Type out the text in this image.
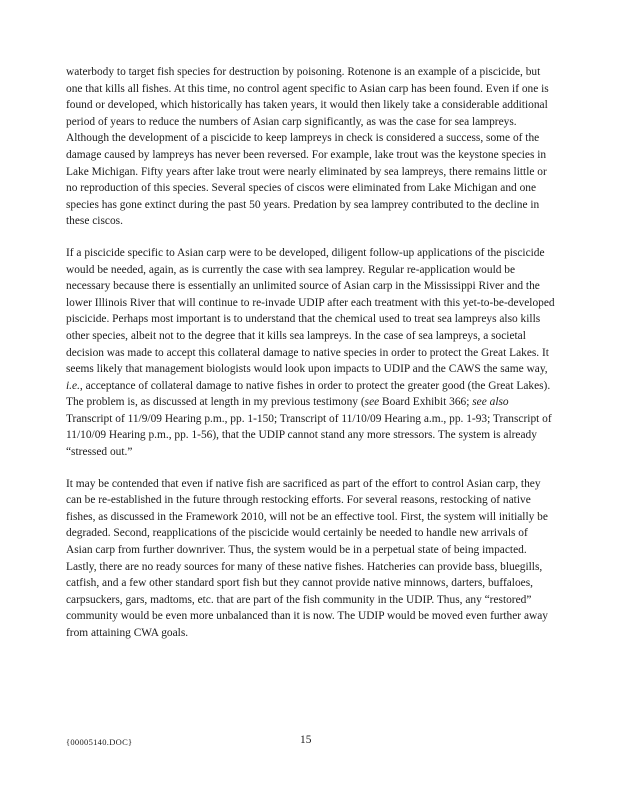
waterbody to target fish species for destruction by poisoning. Rotenone is an example of a piscicide, but one that kills all fishes. At this time, no control agent specific to Asian carp has been found. Even if one is found or developed, which historically has taken years, it would then likely take a considerable additional period of years to reduce the numbers of Asian carp significantly, as was the case for sea lampreys. Although the development of a piscicide to keep lampreys in check is considered a success, some of the damage caused by lampreys has never been reversed. For example, lake trout was the keystone species in Lake Michigan. Fifty years after lake trout were nearly eliminated by sea lampreys, there remains little or no reproduction of this species. Several species of ciscos were eliminated from Lake Michigan and one species has gone extinct during the past 50 years. Predation by sea lamprey contributed to the decline in these ciscos.

If a piscicide specific to Asian carp were to be developed, diligent follow-up applications of the piscicide would be needed, again, as is currently the case with sea lamprey. Regular re-application would be necessary because there is essentially an unlimited source of Asian carp in the Mississippi River and the lower Illinois River that will continue to re-invade UDIP after each treatment with this yet-to-be-developed piscicide. Perhaps most important is to understand that the chemical used to treat sea lampreys also kills other species, albeit not to the degree that it kills sea lampreys. In the case of sea lampreys, a societal decision was made to accept this collateral damage to native species in order to protect the Great Lakes. It seems likely that management biologists would look upon impacts to UDIP and the CAWS the same way, i.e., acceptance of collateral damage to native fishes in order to protect the greater good (the Great Lakes). The problem is, as discussed at length in my previous testimony (see Board Exhibit 366; see also Transcript of 11/9/09 Hearing p.m., pp. 1-150; Transcript of 11/10/09 Hearing a.m., pp. 1-93; Transcript of 11/10/09 Hearing p.m., pp. 1-56), that the UDIP cannot stand any more stressors. The system is already “stressed out.”

It may be contended that even if native fish are sacrificed as part of the effort to control Asian carp, they can be re-established in the future through restocking efforts. For several reasons, restocking of native fishes, as discussed in the Framework 2010, will not be an effective tool. First, the system will initially be degraded. Second, reapplications of the piscicide would certainly be needed to handle new arrivals of Asian carp from further downriver. Thus, the system would be in a perpetual state of being impacted. Lastly, there are no ready sources for many of these native fishes. Hatcheries can provide bass, bluegills, catfish, and a few other standard sport fish but they cannot provide native minnows, darters, buffaloes, carpsuckers, gars, madtoms, etc. that are part of the fish community in the UDIP. Thus, any “restored” community would be even more unbalanced than it is now. The UDIP would be moved even further away from attaining CWA goals.

{00005140.DOC}	15
